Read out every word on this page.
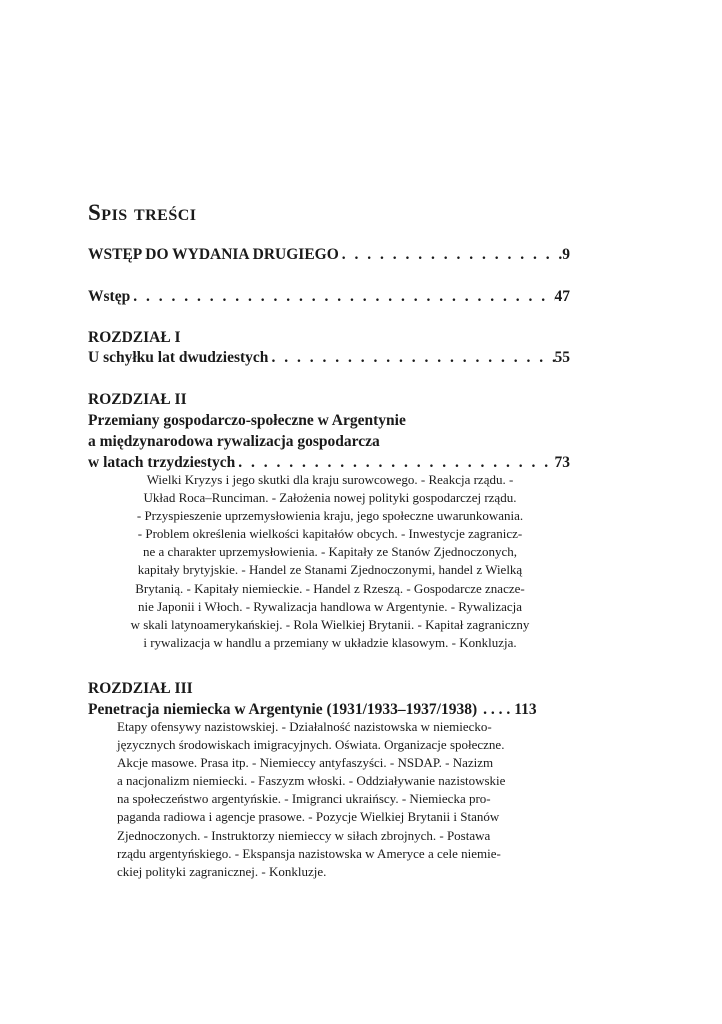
Spis treści
WSTĘP DO WYDANIA DRUGIEGO . . .	.9
Wstęp . . .	47
ROZDZIAŁ I
U schyłku lat dwudziestych . . .	55
ROZDZIAŁ II
Przemiany gospodarczo-społeczne w Argentynie
a międzynarodowa rywalizacja gospodarcza
w latach trzydziestych . . .	73
Wielki Kryzys i jego skutki dla kraju surowcowego. - Reakcja rządu. -
Układ Roca–Runciman. - Założenia nowej polityki gospodarczej rządu.
- Przyspieszenie uprzemysłowienia kraju, jego społeczne uwarunkowania.
- Problem określenia wielkości kapitałów obcych. - Inwestycje zagranicz-
ne a charakter uprzemysłowienia. - Kapitały ze Stanów Zjednoczonych,
kapitały brytyjskie. - Handel ze Stanami Zjednoczonymi, handel z Wielką
Brytanią. - Kapitały niemieckie. - Handel z Rzeszą. - Gospodarcze znacze-
nie Japonii i Włoch. - Rywalizacja handlowa w Argentynie. - Rywalizacja
w skali latynoamerykańskiej. - Rola Wielkiej Brytanii. - Kapitał zagraniczny
i rywalizacja w handlu a przemiany w układzie klasowym. - Konkluzja.
ROZDZIAŁ III
Penetracja niemiecka w Argentynie (1931/1933–1937/1938) . . . . 113
Etapy ofensywy nazistowskiej. - Działalność nazistowska w niemiecko-
języcznych środowiskach imigracyjnych. Oświata. Organizacje społeczne.
Akcje masowe. Prasa itp. - Niemieccy antyfaszyści. - NSDAP. - Nazizm
a nacjonalizm niemiecki. - Faszyzm włoski. - Oddziaływanie nazistowskie
na społeczeństwo argentyńskie. - Imigranci ukraińscy. - Niemiecka pro-
paganda radiowa i agencje prasowe. - Pozycje Wielkiej Brytanii i Stanów
Zjednoczonych. - Instruktorzy niemieccy w siłach zbrojnych. - Postawa
rządu argentyńskiego. - Ekspansja nazistowska w Ameryce a cele niemie-
ckiej polityki zagranicznej. - Konkluzje.
